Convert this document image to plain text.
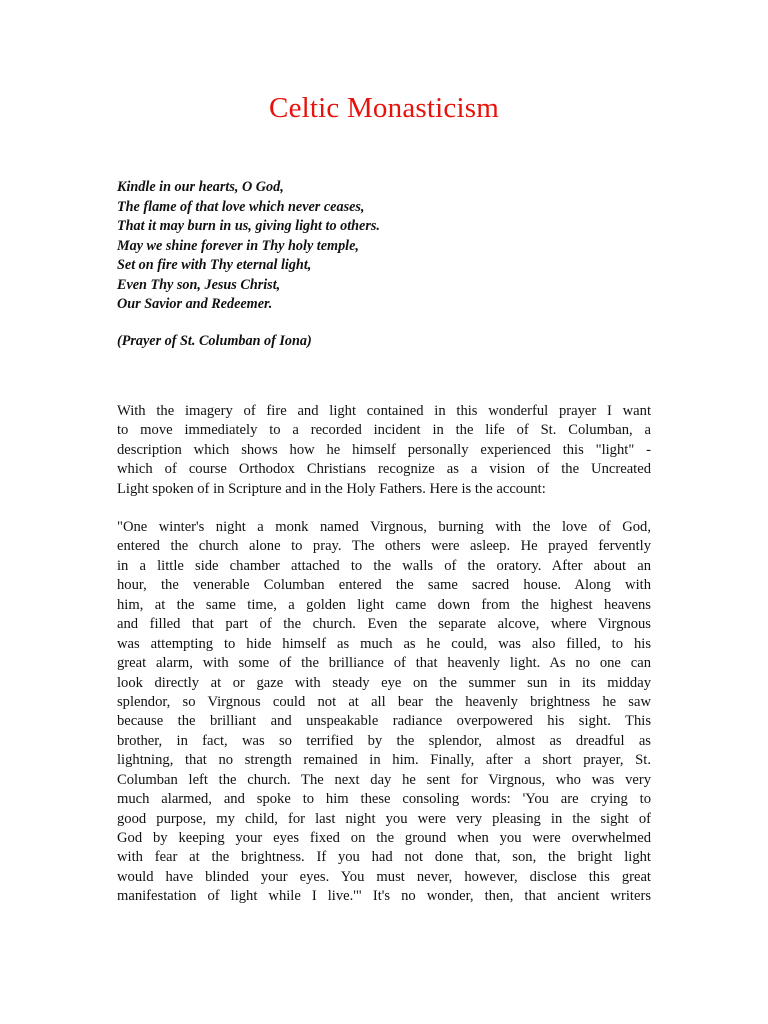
Celtic Monasticism
Kindle in our hearts, O God,
The flame of that love which never ceases,
That it may burn in us, giving light to others.
May we shine forever in Thy holy temple,
Set on fire with Thy eternal light,
Even Thy son, Jesus Christ,
Our Savior and Redeemer.
(Prayer of St. Columban of Iona)
With the imagery of fire and light contained in this wonderful prayer I want
to move immediately to a recorded incident in the life of St. Columban, a
description which shows how he himself personally experienced this "light" -
which of course Orthodox Christians recognize as a vision of the Uncreated
Light spoken of in Scripture and in the Holy Fathers. Here is the account:
"One winter's night a monk named Virgnous, burning with the love of God,
entered the church alone to pray. The others were asleep. He prayed fervently
in a little side chamber attached to the walls of the oratory. After about an
hour, the venerable Columban entered the same sacred house. Along with
him, at the same time, a golden light came down from the highest heavens
and filled that part of the church. Even the separate alcove, where Virgnous
was attempting to hide himself as much as he could, was also filled, to his
great alarm, with some of the brilliance of that heavenly light. As no one can
look directly at or gaze with steady eye on the summer sun in its midday
splendor, so Virgnous could not at all bear the heavenly brightness he saw
because the brilliant and unspeakable radiance overpowered his sight. This
brother, in fact, was so terrified by the splendor, almost as dreadful as
lightning, that no strength remained in him. Finally, after a short prayer, St.
Columban left the church. The next day he sent for Virgnous, who was very
much alarmed, and spoke to him these consoling words: 'You are crying to
good purpose, my child, for last night you were very pleasing in the sight of
God by keeping your eyes fixed on the ground when you were overwhelmed
with fear at the brightness. If you had not done that, son, the bright light
would have blinded your eyes. You must never, however, disclose this great
manifestation of light while I live.'" It's no wonder, then, that ancient writers
